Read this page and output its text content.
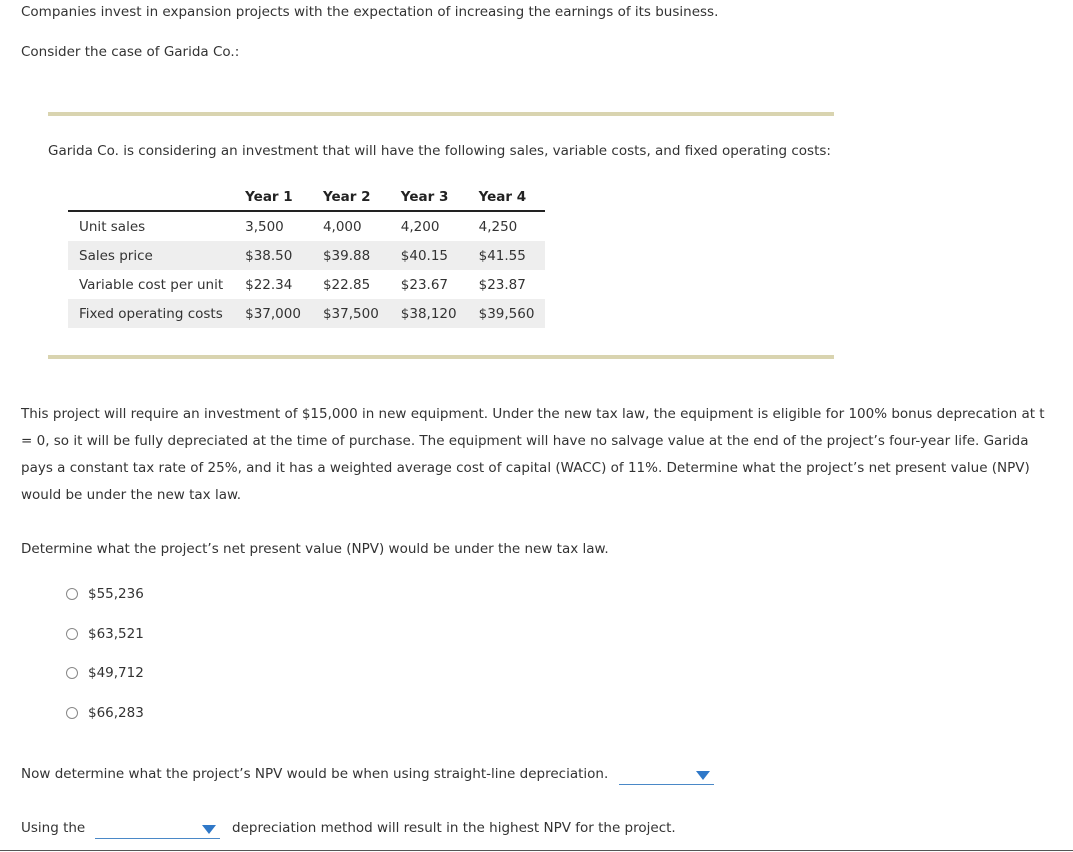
Companies invest in expansion projects with the expectation of increasing the earnings of its business.
Consider the case of Garida Co.:
Garida Co. is considering an investment that will have the following sales, variable costs, and fixed operating costs:
	Year 1	Year 2	Year 3	Year 4
Unit sales	3,500	4,000	4,200	4,250
Sales price	$38.50	$39.88	$40.15	$41.55
Variable cost per unit	$22.34	$22.85	$23.67	$23.87
Fixed operating costs	$37,000	$37,500	$38,120	$39,560
This project will require an investment of $15,000 in new equipment. Under the new tax law, the equipment is eligible for 100% bonus deprecation at t = 0, so it will be fully depreciated at the time of purchase. The equipment will have no salvage value at the end of the project’s four-year life. Garida pays a constant tax rate of 25%, and it has a weighted average cost of capital (WACC) of 11%. Determine what the project’s net present value (NPV) would be under the new tax law.
Determine what the project’s net present value (NPV) would be under the new tax law.
$55,236
$63,521
$49,712
$66,283
Now determine what the project’s NPV would be when using straight-line depreciation.
Using the	depreciation method will result in the highest NPV for the project.
